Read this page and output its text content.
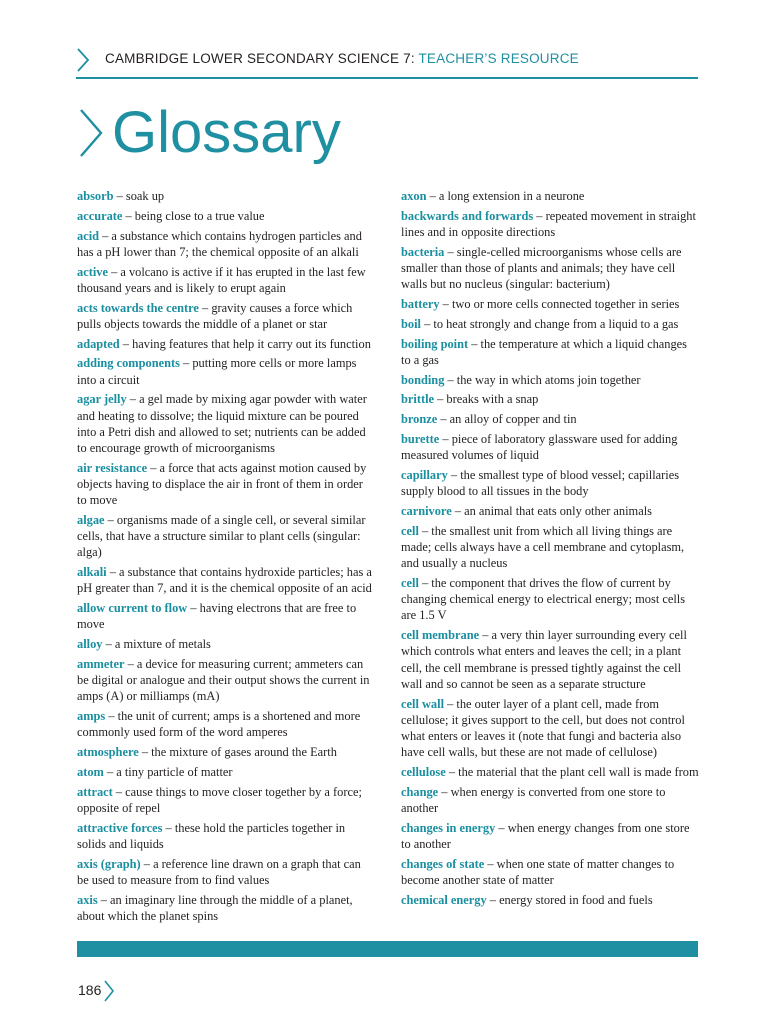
CAMBRIDGE LOWER SECONDARY SCIENCE 7: TEACHER’S RESOURCE
Glossary
absorb – soak up
accurate – being close to a true value
acid – a substance which contains hydrogen particles and has a pH lower than 7; the chemical opposite of an alkali
active – a volcano is active if it has erupted in the last few thousand years and is likely to erupt again
acts towards the centre – gravity causes a force which pulls objects towards the middle of a planet or star
adapted – having features that help it carry out its function
adding components – putting more cells or more lamps into a circuit
agar jelly – a gel made by mixing agar powder with water and heating to dissolve; the liquid mixture can be poured into a Petri dish and allowed to set; nutrients can be added to encourage growth of microorganisms
air resistance – a force that acts against motion caused by objects having to displace the air in front of them in order to move
algae – organisms made of a single cell, or several similar cells, that have a structure similar to plant cells (singular: alga)
alkali – a substance that contains hydroxide particles; has a pH greater than 7, and it is the chemical opposite of an acid
allow current to flow – having electrons that are free to move
alloy – a mixture of metals
ammeter – a device for measuring current; ammeters can be digital or analogue and their output shows the current in amps (A) or milliamps (mA)
amps – the unit of current; amps is a shortened and more commonly used form of the word amperes
atmosphere – the mixture of gases around the Earth
atom – a tiny particle of matter
attract – cause things to move closer together by a force; opposite of repel
attractive forces – these hold the particles together in solids and liquids
axis (graph) – a reference line drawn on a graph that can be used to measure from to find values
axis – an imaginary line through the middle of a planet, about which the planet spins
axon – a long extension in a neurone
backwards and forwards – repeated movement in straight lines and in opposite directions
bacteria – single-celled microorganisms whose cells are smaller than those of plants and animals; they have cell walls but no nucleus (singular: bacterium)
battery – two or more cells connected together in series
boil – to heat strongly and change from a liquid to a gas
boiling point – the temperature at which a liquid changes to a gas
bonding – the way in which atoms join together
brittle – breaks with a snap
bronze – an alloy of copper and tin
burette – piece of laboratory glassware used for adding measured volumes of liquid
capillary – the smallest type of blood vessel; capillaries supply blood to all tissues in the body
carnivore – an animal that eats only other animals
cell – the smallest unit from which all living things are made; cells always have a cell membrane and cytoplasm, and usually a nucleus
cell – the component that drives the flow of current by changing chemical energy to electrical energy; most cells are 1.5 V
cell membrane – a very thin layer surrounding every cell which controls what enters and leaves the cell; in a plant cell, the cell membrane is pressed tightly against the cell wall and so cannot be seen as a separate structure
cell wall – the outer layer of a plant cell, made from cellulose; it gives support to the cell, but does not control what enters or leaves it (note that fungi and bacteria also have cell walls, but these are not made of cellulose)
cellulose – the material that the plant cell wall is made from
change – when energy is converted from one store to another
changes in energy – when energy changes from one store to another
changes of state – when one state of matter changes to become another state of matter
chemical energy – energy stored in food and fuels
186
